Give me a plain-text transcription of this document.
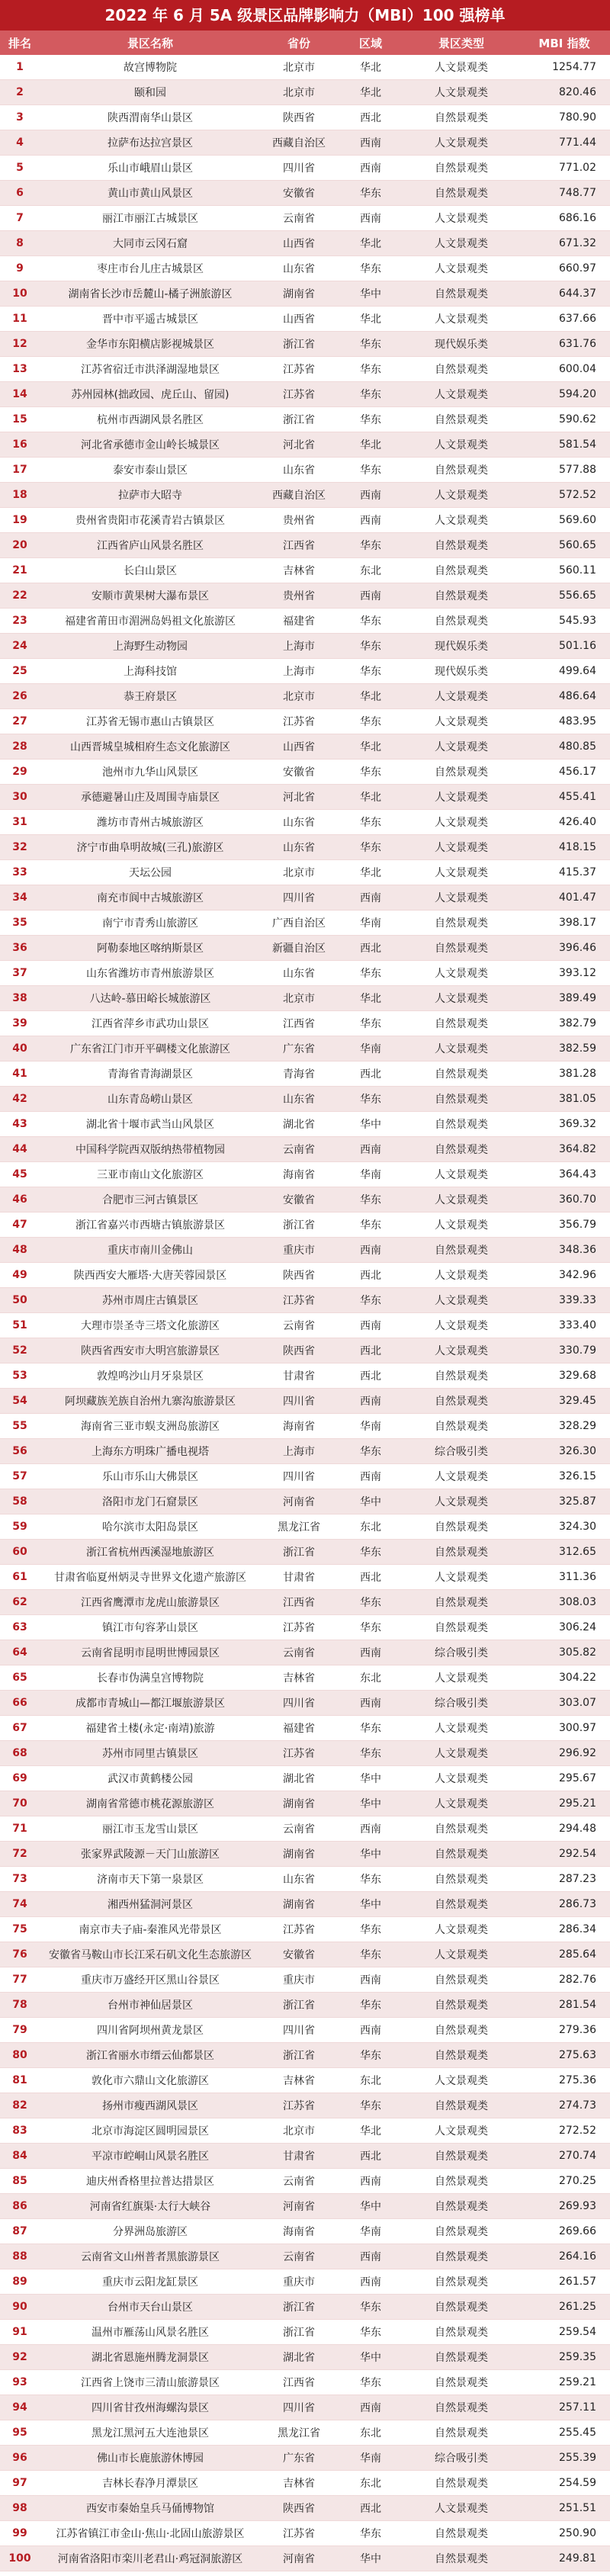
2022 年 6 月 5A 级景区品牌影响力（MBI）100 强榜单
排名	景区名称	省份	区域	景区类型	MBI 指数
1	故宫博物院	北京市	华北	人文景观类	1254.77
2	颐和园	北京市	华北	人文景观类	820.46
3	陕西渭南华山景区	陕西省	西北	自然景观类	780.90
4	拉萨布达拉宫景区	西藏自治区	西南	人文景观类	771.44
5	乐山市峨眉山景区	四川省	西南	自然景观类	771.02
6	黄山市黄山风景区	安徽省	华东	自然景观类	748.77
7	丽江市丽江古城景区	云南省	西南	人文景观类	686.16
8	大同市云冈石窟	山西省	华北	人文景观类	671.32
9	枣庄市台儿庄古城景区	山东省	华东	人文景观类	660.97
10	湖南省长沙市岳麓山-橘子洲旅游区	湖南省	华中	自然景观类	644.37
11	晋中市平遥古城景区	山西省	华北	人文景观类	637.66
12	金华市东阳横店影视城景区	浙江省	华东	现代娱乐类	631.76
13	江苏省宿迁市洪泽湖湿地景区	江苏省	华东	自然景观类	600.04
14	苏州园林(拙政园、虎丘山、留园)	江苏省	华东	人文景观类	594.20
15	杭州市西湖风景名胜区	浙江省	华东	自然景观类	590.62
16	河北省承德市金山岭长城景区	河北省	华北	人文景观类	581.54
17	泰安市泰山景区	山东省	华东	自然景观类	577.88
18	拉萨市大昭寺	西藏自治区	西南	人文景观类	572.52
19	贵州省贵阳市花溪青岩古镇景区	贵州省	西南	人文景观类	569.60
20	江西省庐山风景名胜区	江西省	华东	自然景观类	560.65
21	长白山景区	吉林省	东北	自然景观类	560.11
22	安顺市黄果树大瀑布景区	贵州省	西南	自然景观类	556.65
23	福建省莆田市湄洲岛妈祖文化旅游区	福建省	华东	自然景观类	545.93
24	上海野生动物园	上海市	华东	现代娱乐类	501.16
25	上海科技馆	上海市	华东	现代娱乐类	499.64
26	恭王府景区	北京市	华北	人文景观类	486.64
27	江苏省无锡市惠山古镇景区	江苏省	华东	人文景观类	483.95
28	山西晋城皇城相府生态文化旅游区	山西省	华北	人文景观类	480.85
29	池州市九华山风景区	安徽省	华东	自然景观类	456.17
30	承德避暑山庄及周围寺庙景区	河北省	华北	人文景观类	455.41
31	潍坊市青州古城旅游区	山东省	华东	人文景观类	426.40
32	济宁市曲阜明故城(三孔)旅游区	山东省	华东	人文景观类	418.15
33	天坛公园	北京市	华北	人文景观类	415.37
34	南充市阆中古城旅游区	四川省	西南	人文景观类	401.47
35	南宁市青秀山旅游区	广西自治区	华南	自然景观类	398.17
36	阿勒泰地区喀纳斯景区	新疆自治区	西北	自然景观类	396.46
37	山东省潍坊市青州旅游景区	山东省	华东	人文景观类	393.12
38	八达岭-慕田峪长城旅游区	北京市	华北	人文景观类	389.49
39	江西省萍乡市武功山景区	江西省	华东	自然景观类	382.79
40	广东省江门市开平碉楼文化旅游区	广东省	华南	人文景观类	382.59
41	青海省青海湖景区	青海省	西北	自然景观类	381.28
42	山东青岛崂山景区	山东省	华东	自然景观类	381.05
43	湖北省十堰市武当山风景区	湖北省	华中	自然景观类	369.32
44	中国科学院西双版纳热带植物园	云南省	西南	自然景观类	364.82
45	三亚市南山文化旅游区	海南省	华南	人文景观类	364.43
46	合肥市三河古镇景区	安徽省	华东	人文景观类	360.70
47	浙江省嘉兴市西塘古镇旅游景区	浙江省	华东	人文景观类	356.79
48	重庆市南川金佛山	重庆市	西南	自然景观类	348.36
49	陕西西安大雁塔·大唐芙蓉园景区	陕西省	西北	人文景观类	342.96
50	苏州市周庄古镇景区	江苏省	华东	人文景观类	339.33
51	大理市崇圣寺三塔文化旅游区	云南省	西南	人文景观类	333.40
52	陕西省西安市大明宫旅游景区	陕西省	西北	人文景观类	330.79
53	敦煌鸣沙山月牙泉景区	甘肃省	西北	自然景观类	329.68
54	阿坝藏族羌族自治州九寨沟旅游景区	四川省	西南	自然景观类	329.45
55	海南省三亚市蜈支洲岛旅游区	海南省	华南	自然景观类	328.29
56	上海东方明珠广播电视塔	上海市	华东	综合吸引类	326.30
57	乐山市乐山大佛景区	四川省	西南	人文景观类	326.15
58	洛阳市龙门石窟景区	河南省	华中	人文景观类	325.87
59	哈尔滨市太阳岛景区	黑龙江省	东北	自然景观类	324.30
60	浙江省杭州西溪湿地旅游区	浙江省	华东	自然景观类	312.65
61	甘肃省临夏州炳灵寺世界文化遗产旅游区	甘肃省	西北	人文景观类	311.36
62	江西省鹰潭市龙虎山旅游景区	江西省	华东	自然景观类	308.03
63	镇江市句容茅山景区	江苏省	华东	自然景观类	306.24
64	云南省昆明市昆明世博园景区	云南省	西南	综合吸引类	305.82
65	长春市伪满皇宫博物院	吉林省	东北	人文景观类	304.22
66	成都市青城山—都江堰旅游景区	四川省	西南	综合吸引类	303.07
67	福建省土楼(永定·南靖)旅游	福建省	华东	人文景观类	300.97
68	苏州市同里古镇景区	江苏省	华东	人文景观类	296.92
69	武汉市黄鹤楼公园	湖北省	华中	人文景观类	295.67
70	湖南省常德市桃花源旅游区	湖南省	华中	人文景观类	295.21
71	丽江市玉龙雪山景区	云南省	西南	自然景观类	294.48
72	张家界武陵源－天门山旅游区	湖南省	华中	自然景观类	292.54
73	济南市天下第一泉景区	山东省	华东	自然景观类	287.23
74	湘西州猛洞河景区	湖南省	华中	自然景观类	286.73
75	南京市夫子庙-秦淮风光带景区	江苏省	华东	人文景观类	286.34
76	安徽省马鞍山市长江采石矶文化生态旅游区	安徽省	华东	人文景观类	285.64
77	重庆市万盛经开区黑山谷景区	重庆市	西南	自然景观类	282.76
78	台州市神仙居景区	浙江省	华东	自然景观类	281.54
79	四川省阿坝州黄龙景区	四川省	西南	自然景观类	279.36
80	浙江省丽水市缙云仙都景区	浙江省	华东	自然景观类	275.63
81	敦化市六鼎山文化旅游区	吉林省	东北	人文景观类	275.36
82	扬州市瘦西湖风景区	江苏省	华东	自然景观类	274.73
83	北京市海淀区圆明园景区	北京市	华北	人文景观类	272.52
84	平凉市崆峒山风景名胜区	甘肃省	西北	自然景观类	270.74
85	迪庆州香格里拉普达措景区	云南省	西南	自然景观类	270.25
86	河南省红旗渠·太行大峡谷	河南省	华中	自然景观类	269.93
87	分界洲岛旅游区	海南省	华南	自然景观类	269.66
88	云南省文山州普者黑旅游景区	云南省	西南	自然景观类	264.16
89	重庆市云阳龙缸景区	重庆市	西南	自然景观类	261.57
90	台州市天台山景区	浙江省	华东	自然景观类	261.25
91	温州市雁荡山风景名胜区	浙江省	华东	自然景观类	259.54
92	湖北省恩施州腾龙洞景区	湖北省	华中	自然景观类	259.35
93	江西省上饶市三清山旅游景区	江西省	华东	自然景观类	259.21
94	四川省甘孜州海螺沟景区	四川省	西南	自然景观类	257.11
95	黑龙江黑河五大连池景区	黑龙江省	东北	自然景观类	255.45
96	佛山市长鹿旅游休博园	广东省	华南	综合吸引类	255.39
97	吉林长春净月潭景区	吉林省	东北	自然景观类	254.59
98	西安市秦始皇兵马俑博物馆	陕西省	西北	人文景观类	251.51
99	江苏省镇江市金山·焦山·北固山旅游景区	江苏省	华东	自然景观类	250.90
100	河南省洛阳市栾川老君山·鸡冠洞旅游区	河南省	华中	自然景观类	249.81
